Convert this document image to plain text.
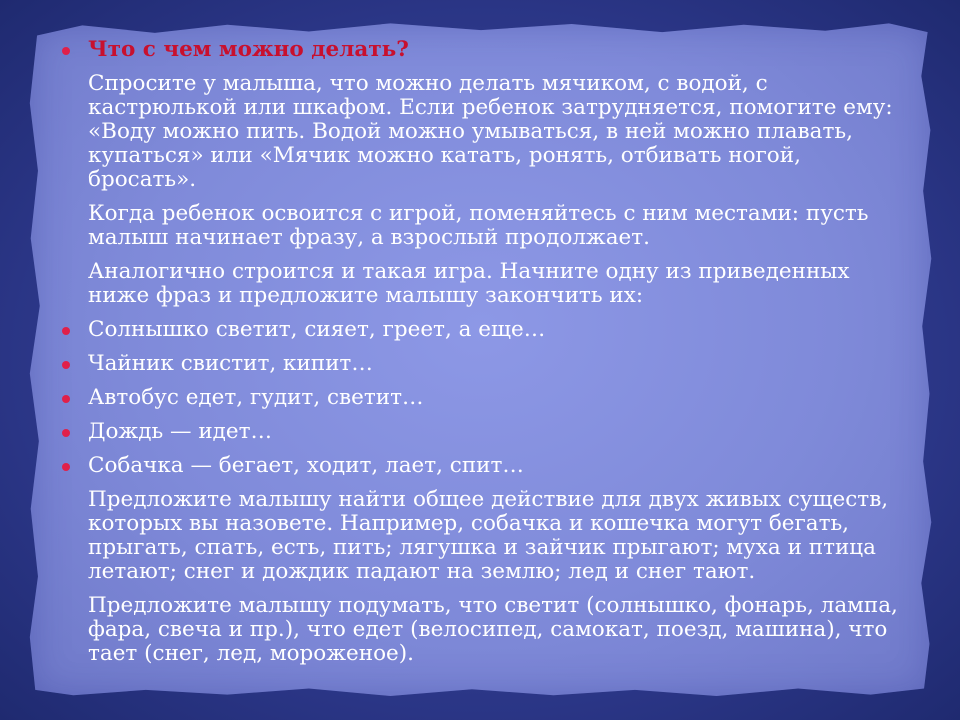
Что с чем можно делать?
Спросите у малыша, что можно делать мячиком, с водой, с кастрюлькой или шкафом. Если ребенок затрудняется, помогите ему: «Воду можно пить. Водой можно умываться, в ней можно плавать, купаться» или «Мячик можно катать, ронять, отбивать ногой, бросать».
Когда ребенок освоится с игрой, поменяйтесь с ним местами: пусть малыш начинает фразу, а взрослый продолжает.
Аналогично строится и такая игра. Начните одну из приведенных ниже фраз и предложите малышу закончить их:
Солнышко светит, сияет, греет, а еще…
Чайник свистит, кипит…
Автобус едет, гудит, светит…
Дождь — идет…
Собачка — бегает, ходит, лает, спит…
Предложите малышу найти общее действие для двух живых существ, которых вы назовете. Например, собачка и кошечка могут бегать, прыгать, спать, есть, пить; лягушка и зайчик прыгают; муха и птица летают; снег и дождик падают на землю; лед и снег тают.
Предложите малышу подумать, что светит (солнышко, фонарь, лампа, фара, свеча и пр.), что едет (велосипед, самокат, поезд, машина), что тает (снег, лед, мороженое).
